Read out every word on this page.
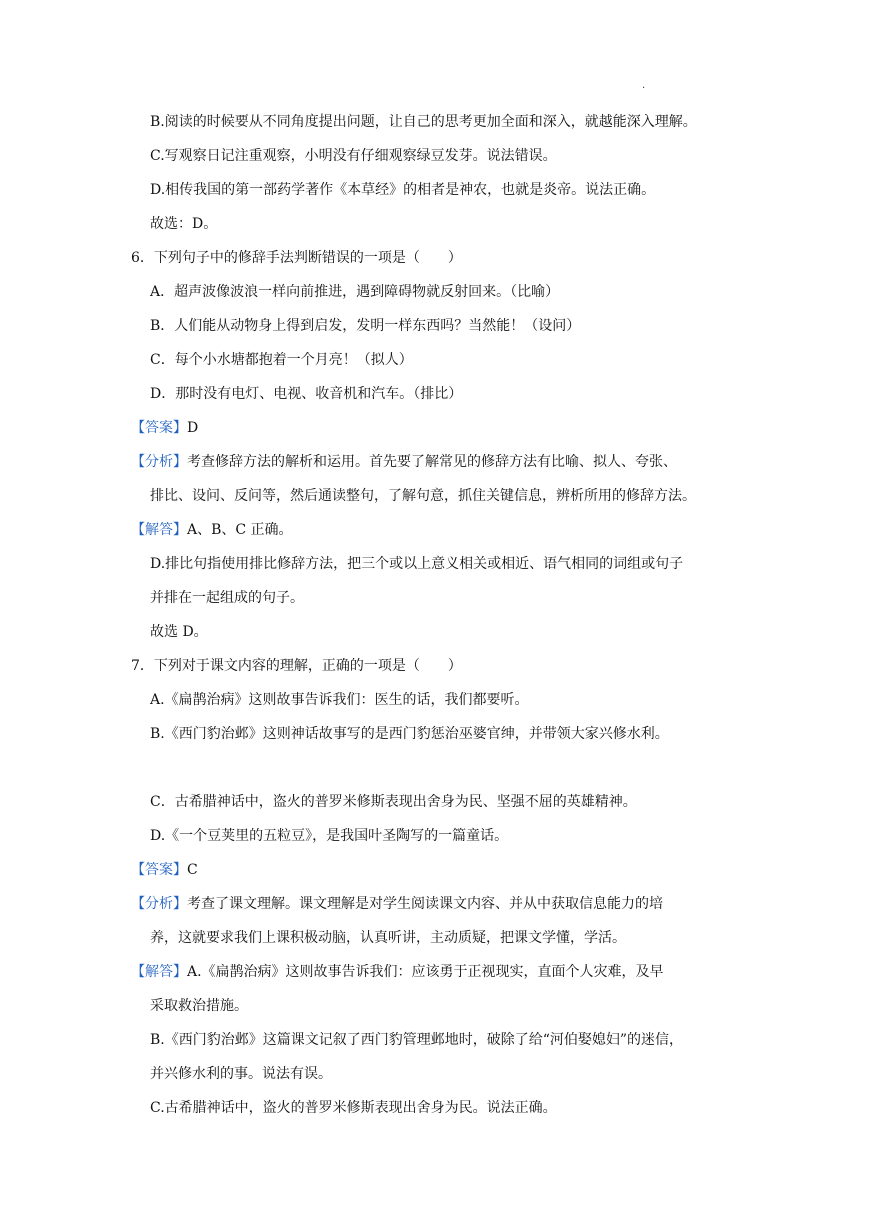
.
B.阅读的时候要从不同角度提出问题，让自己的思考更加全面和深入，就越能深入理解。
C.写观察日记注重观察，小明没有仔细观察绿豆发芽。说法错误。
D.相传我国的第一部药学著作《本草经》的相者是神农，也就是炎帝。说法正确。
故选：D。
6．下列句子中的修辞手法判断错误的一项是（　　）
A．超声波像波浪一样向前推进，遇到障碍物就反射回来。（比喻）
B．人们能从动物身上得到启发，发明一样东西吗？当然能！（设问）
C．每个小水塘都抱着一个月亮！（拟人）
D．那时没有电灯、电视、收音机和汽车。（排比）
【答案】D
【分析】考查修辞方法的解析和运用。首先要了解常见的修辞方法有比喻、拟人、夸张、
排比、设问、反问等，然后通读整句，了解句意，抓住关键信息，辨析所用的修辞方法。
【解答】A、B、C 正确。
D.排比句指使用排比修辞方法，把三个或以上意义相关或相近、语气相同的词组或句子
并排在一起组成的句子。
故选 D。
7．下列对于课文内容的理解，正确的一项是（　　）
A.《扁鹊治病》这则故事告诉我们：医生的话，我们都要听。
B.《西门豹治邺》这则神话故事写的是西门豹惩治巫婆官绅，并带领大家兴修水利。
C．古希腊神话中，盗火的普罗米修斯表现出舍身为民、坚强不屈的英雄精神。
D.《一个豆荚里的五粒豆》，是我国叶圣陶写的一篇童话。
【答案】C
【分析】考查了课文理解。课文理解是对学生阅读课文内容、并从中获取信息能力的培
养，这就要求我们上课积极动脑，认真听讲，主动质疑，把课文学懂，学活。
【解答】A.《扁鹊治病》这则故事告诉我们：应该勇于正视现实，直面个人灾难，及早
采取救治措施。
B.《西门豹治邺》这篇课文记叙了西门豹管理邺地时，破除了给“河伯娶媳妇”的迷信，
并兴修水利的事。说法有误。
C.古希腊神话中，盗火的普罗米修斯表现出舍身为民。说法正确。
